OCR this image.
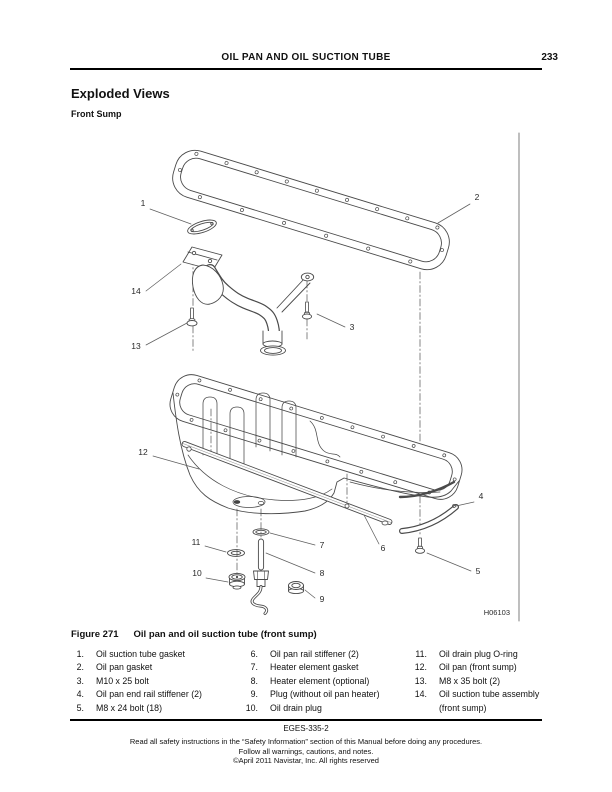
OIL PAN AND OIL SUCTION TUBE	233
Exploded Views
Front Sump
1
2
14
13
3
12
4
11
10
7
8
9
6
5
H06103
Figure 271 Oil pan and oil suction tube (front sump)
1. Oil suction tube gasket
2. Oil pan gasket
3. M10 x 25 bolt
4. Oil pan end rail stiffener (2)
5. M8 x 24 bolt (18)
6. Oil pan rail stiffener (2)
7. Heater element gasket
8. Heater element (optional)
9. Plug (without oil pan heater)
10. Oil drain plug
11. Oil drain plug O-ring
12. Oil pan (front sump)
13. M8 x 35 bolt (2)
14. Oil suction tube assembly (front sump)
EGES-335-2
Read all safety instructions in the “Safety Information” section of this Manual before doing any procedures.
Follow all warnings, cautions, and notes.
©April 2011 Navistar, Inc. All rights reserved
